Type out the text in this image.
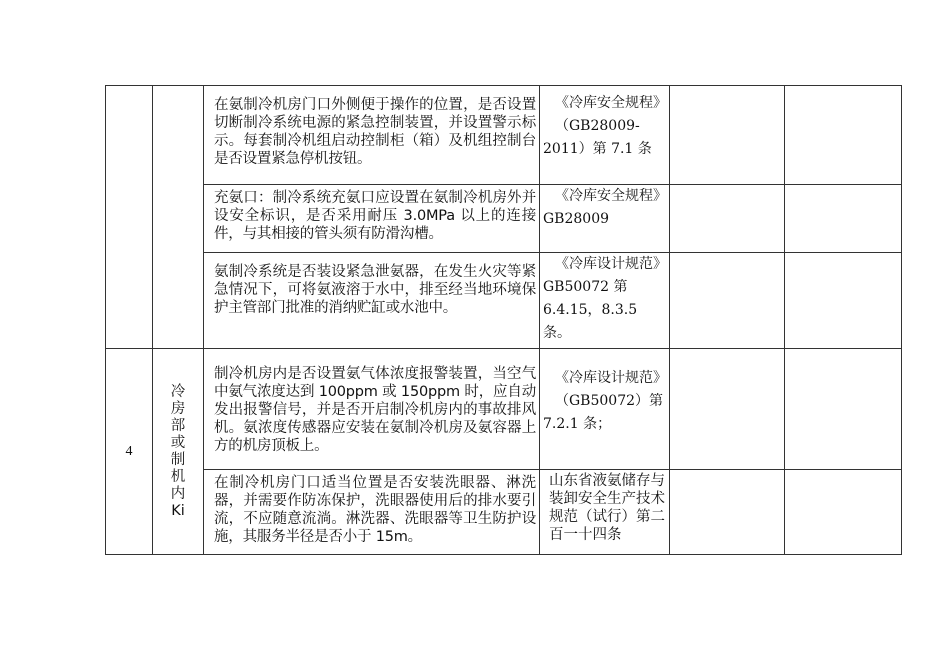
		在氨制冷机房门口外侧便于操作的位置，是否设置切断制冷系统电源的紧急控制装置，并设置警示标示。每套制冷机组启动控制柜（箱）及机组控制台是否设置紧急停机按钮。	《冷库安全规程》
（GB28009-
2011）第 7.1 条		

		充氨口：制冷系统充氨口应设置在氨制冷机房外并设安全标识，是否采用耐压 3.0MPa 以上的连接件，与其相接的管头须有防滑沟槽。	《冷库安全规程》
GB28009		

		氨制冷系统是否装设紧急泄氨器，在发生火灾等紧急情况下，可将氨液溶于水中，排至经当地环境保护主管部门批准的消纳贮缸或水池中。	《冷库设计规范》
GB50072 第
6.4.15，8.3.5 条。		

4	冷房部或制机内Ki	制冷机房内是否设置氨气体浓度报警装置，当空气中氨气浓度达到 100ppm 或 150ppm 时，应自动发出报警信号，并是否开启制冷机房内的事故排风机。氨浓度传感器应安装在氨制冷机房及氨容器上方的机房顶板上。	《冷库设计规范》
（GB50072）第
7.2.1 条；		

		在制冷机房门口适当位置是否安装洗眼器、淋洗器，并需要作防冻保护，洗眼器使用后的排水要引流，不应随意流淌。淋洗器、洗眼器等卫生防护设施，其服务半径是否小于 15m。	山东省液氨储存与装卸安全生产技术规范（试行）第二百一十四条		
